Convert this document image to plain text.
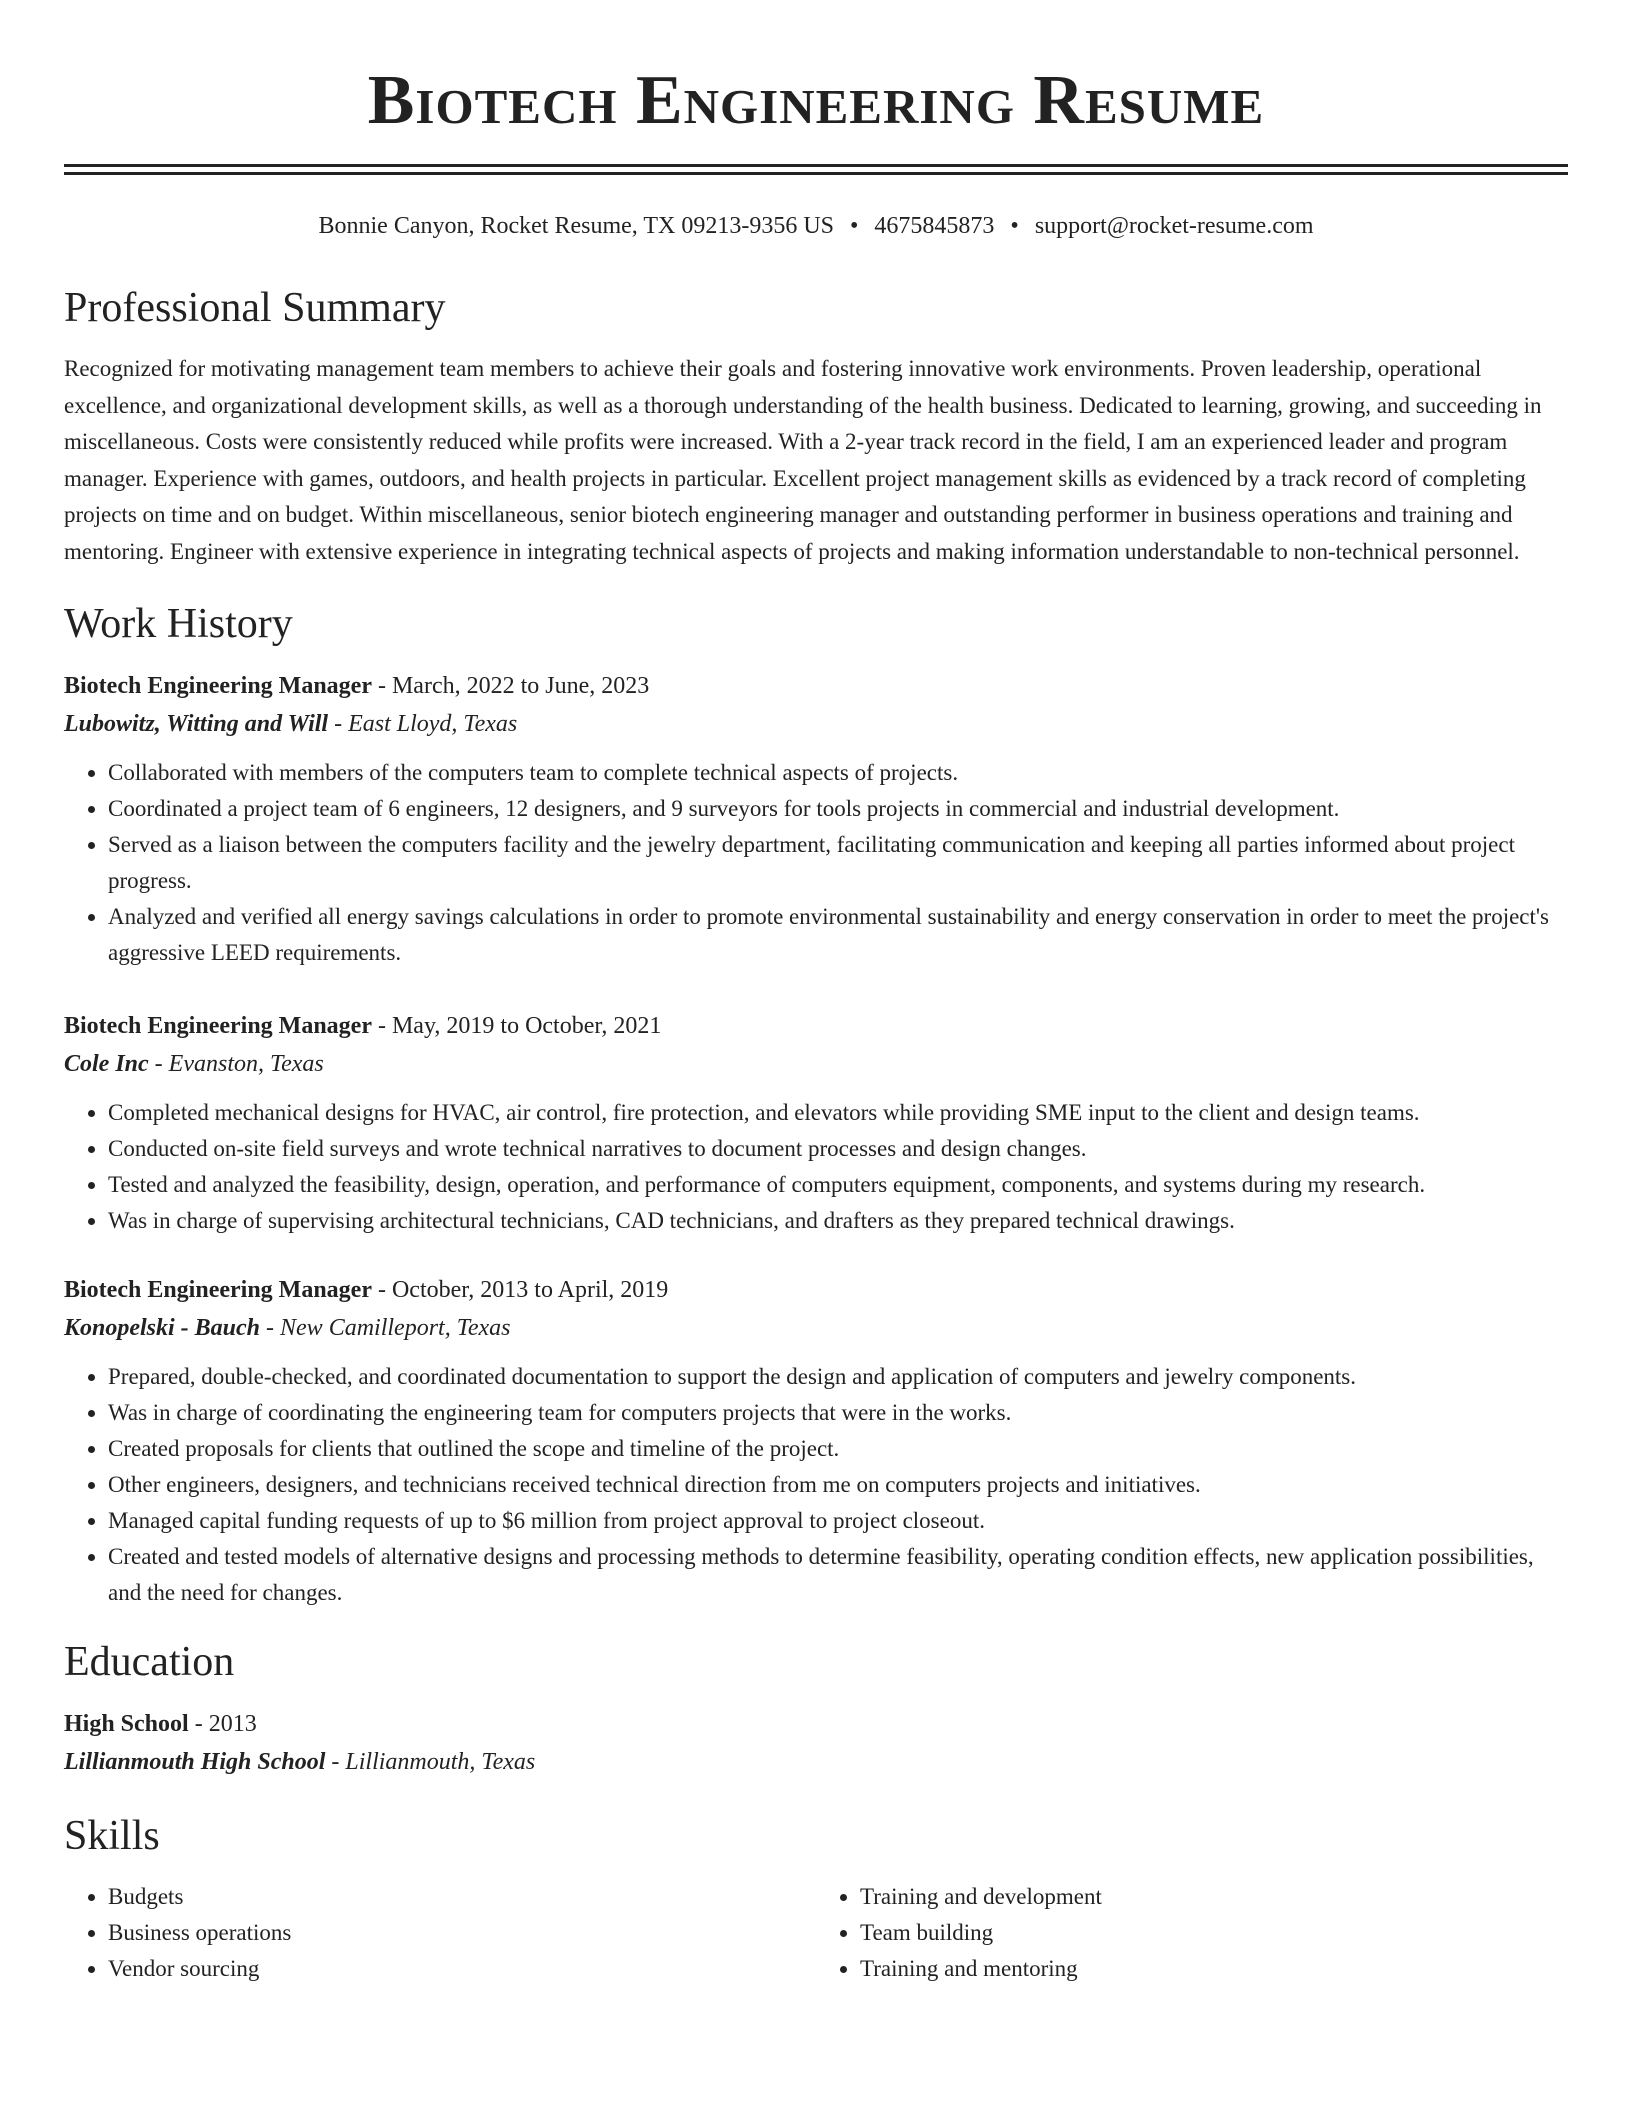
Biotech Engineering Resume
Bonnie Canyon, Rocket Resume, TX 09213-9356 US • 4675845873 • support@rocket-resume.com
Professional Summary

Recognized for motivating management team members to achieve their goals and fostering innovative work environments. Proven leadership, operational excellence, and organizational development skills, as well as a thorough understanding of the health business. Dedicated to learning, growing, and succeeding in miscellaneous. Costs were consistently reduced while profits were increased. With a 2-year track record in the field, I am an experienced leader and program manager. Experience with games, outdoors, and health projects in particular. Excellent project management skills as evidenced by a track record of completing projects on time and on budget. Within miscellaneous, senior biotech engineering manager and outstanding performer in business operations and training and mentoring. Engineer with extensive experience in integrating technical aspects of projects and making information understandable to non-technical personnel.

Work History
Biotech Engineering Manager - March, 2022 to June, 2023
Lubowitz, Witting and Will - East Lloyd, Texas
• Collaborated with members of the computers team to complete technical aspects of projects.
• Coordinated a project team of 6 engineers, 12 designers, and 9 surveyors for tools projects in commercial and industrial development.
• Served as a liaison between the computers facility and the jewelry department, facilitating communication and keeping all parties informed about project progress.
• Analyzed and verified all energy savings calculations in order to promote environmental sustainability and energy conservation in order to meet the project's aggressive LEED requirements.
Biotech Engineering Manager - May, 2019 to October, 2021
Cole Inc - Evanston, Texas
• Completed mechanical designs for HVAC, air control, fire protection, and elevators while providing SME input to the client and design teams.
• Conducted on-site field surveys and wrote technical narratives to document processes and design changes.
• Tested and analyzed the feasibility, design, operation, and performance of computers equipment, components, and systems during my research.
• Was in charge of supervising architectural technicians, CAD technicians, and drafters as they prepared technical drawings.
Biotech Engineering Manager - October, 2013 to April, 2019
Konopelski - Bauch - New Camilleport, Texas
• Prepared, double-checked, and coordinated documentation to support the design and application of computers and jewelry components.
• Was in charge of coordinating the engineering team for computers projects that were in the works.
• Created proposals for clients that outlined the scope and timeline of the project.
• Other engineers, designers, and technicians received technical direction from me on computers projects and initiatives.
• Managed capital funding requests of up to $6 million from project approval to project closeout.
• Created and tested models of alternative designs and processing methods to determine feasibility, operating condition effects, new application possibilities, and the need for changes.
Education
High School - 2013
Lillianmouth High School - Lillianmouth, Texas
Skills
• Budgets
• Business operations
• Vendor sourcing
• Training and development
• Team building
• Training and mentoring
